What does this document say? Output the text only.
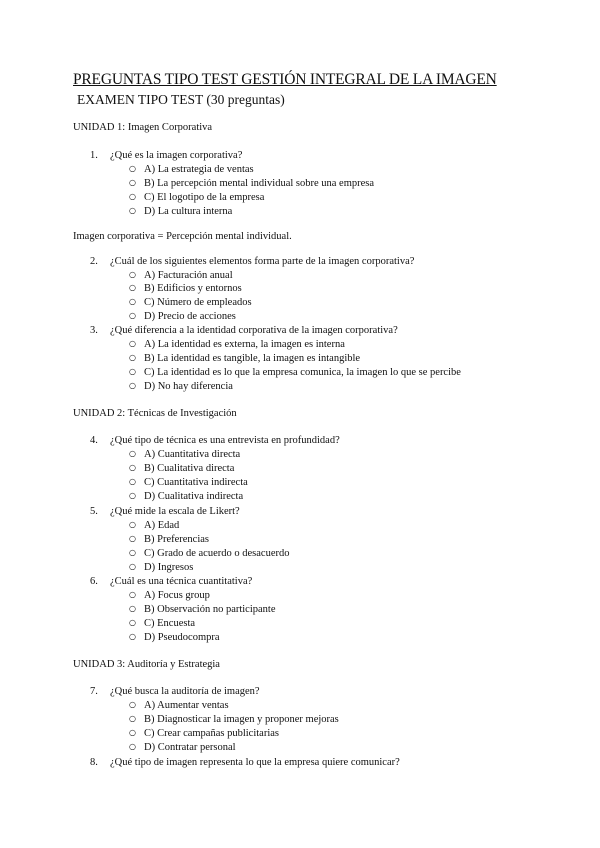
PREGUNTAS TIPO TEST GESTIÓN INTEGRAL DE LA IMAGEN
EXAMEN TIPO TEST (30 preguntas)
UNIDAD 1: Imagen Corporativa
1. ¿Qué es la imagen corporativa?
○ A) La estrategia de ventas
○ B) La percepción mental individual sobre una empresa
○ C) El logotipo de la empresa
○ D) La cultura interna
Imagen corporativa = Percepción mental individual.
2. ¿Cuál de los siguientes elementos forma parte de la imagen corporativa?
○ A) Facturación anual
○ B) Edificios y entornos
○ C) Número de empleados
○ D) Precio de acciones
3. ¿Qué diferencia a la identidad corporativa de la imagen corporativa?
○ A) La identidad es externa, la imagen es interna
○ B) La identidad es tangible, la imagen es intangible
○ C) La identidad es lo que la empresa comunica, la imagen lo que se percibe
○ D) No hay diferencia
UNIDAD 2: Técnicas de Investigación
4. ¿Qué tipo de técnica es una entrevista en profundidad?
○ A) Cuantitativa directa
○ B) Cualitativa directa
○ C) Cuantitativa indirecta
○ D) Cualitativa indirecta
5. ¿Qué mide la escala de Likert?
○ A) Edad
○ B) Preferencias
○ C) Grado de acuerdo o desacuerdo
○ D) Ingresos
6. ¿Cuál es una técnica cuantitativa?
○ A) Focus group
○ B) Observación no participante
○ C) Encuesta
○ D) Pseudocompra
UNIDAD 3: Auditoría y Estrategia
7. ¿Qué busca la auditoría de imagen?
○ A) Aumentar ventas
○ B) Diagnosticar la imagen y proponer mejoras
○ C) Crear campañas publicitarias
○ D) Contratar personal
8. ¿Qué tipo de imagen representa lo que la empresa quiere comunicar?
